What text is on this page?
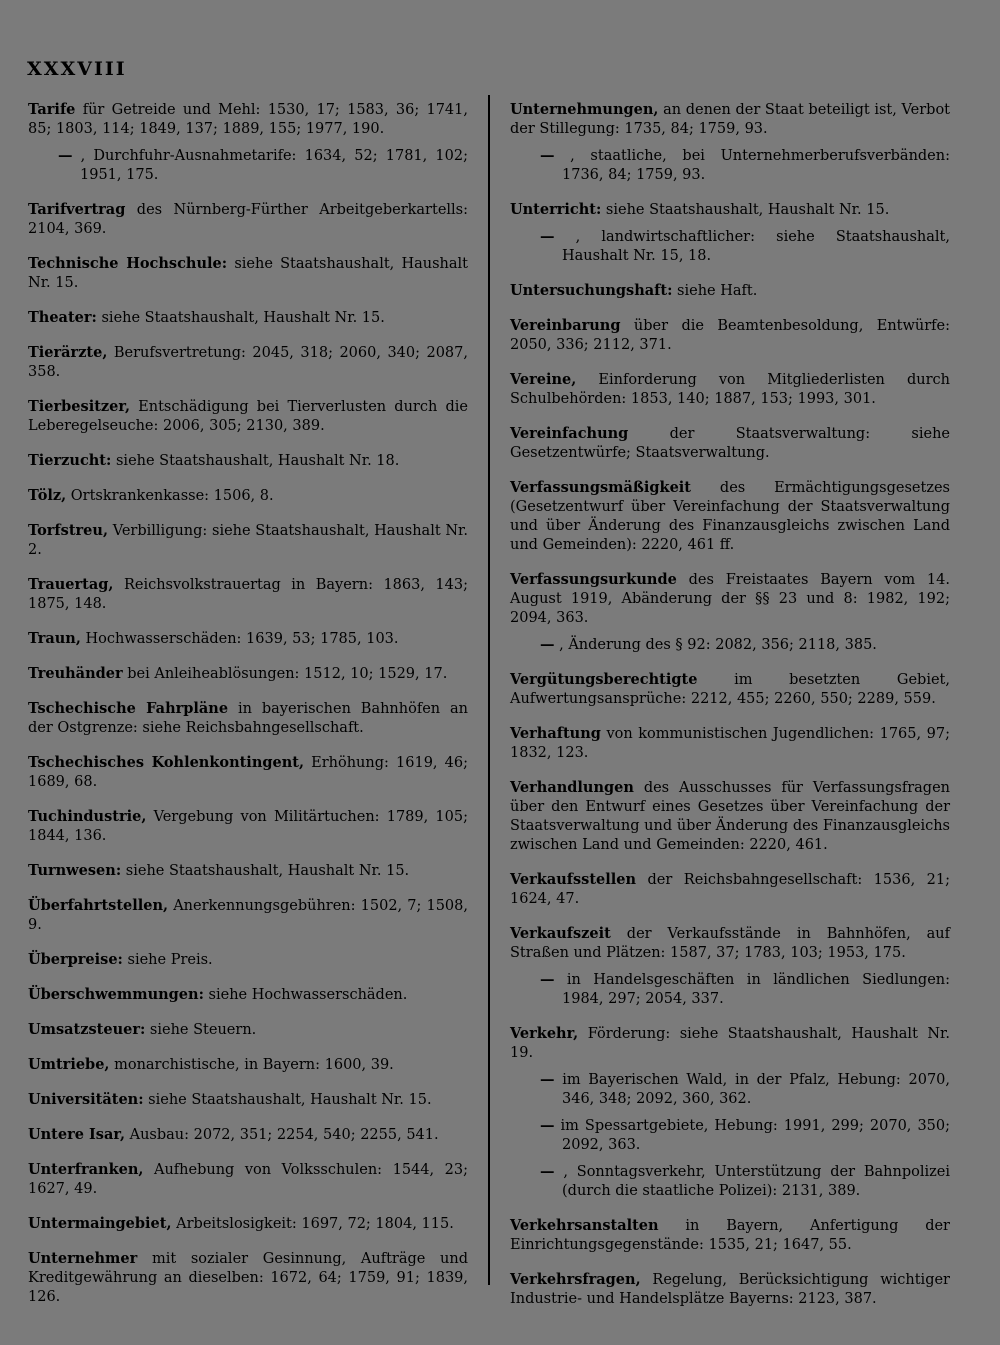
XXXVIII
Tarife für Getreide und Mehl: 1530, 17; 1583, 36; 1741, 85; 1803, 114; 1849, 137; 1889, 155; 1977, 190.
— , Durchfuhr-Ausnahmetarife: 1634, 52; 1781, 102; 1951, 175.
Tarifvertrag des Nürnberg-Fürther Arbeitgeberkartells: 2104, 369.
Technische Hochschule: siehe Staatshaushalt, Haushalt Nr. 15.
Theater: siehe Staatshaushalt, Haushalt Nr. 15.
Tierärzte, Berufsvertretung: 2045, 318; 2060, 340; 2087, 358.
Tierbesitzer, Entschädigung bei Tierverlusten durch die Leberegelseuche: 2006, 305; 2130, 389.
Tierzucht: siehe Staatshaushalt, Haushalt Nr. 18.
Tölz, Ortskrankenkasse: 1506, 8.
Torfstreu, Verbilligung: siehe Staatshaushalt, Haushalt Nr. 2.
Trauertag, Reichsvolkstrauertag in Bayern: 1863, 143; 1875, 148.
Traun, Hochwasserschäden: 1639, 53; 1785, 103.
Treuhänder bei Anleiheablösungen: 1512, 10; 1529, 17.
Tschechische Fahrpläne in bayerischen Bahnhöfen an der Ostgrenze: siehe Reichsbahngesellschaft.
Tschechisches Kohlenkontingent, Erhöhung: 1619, 46; 1689, 68.
Tuchindustrie, Vergebung von Militärtuchen: 1789, 105; 1844, 136.
Turnwesen: siehe Staatshaushalt, Haushalt Nr. 15.
Überfahrtstellen, Anerkennungsgebühren: 1502, 7; 1508, 9.
Überpreise: siehe Preis.
Überschwemmungen: siehe Hochwasserschäden.
Umsatzsteuer: siehe Steuern.
Umtriebe, monarchistische, in Bayern: 1600, 39.
Universitäten: siehe Staatshaushalt, Haushalt Nr. 15.
Untere Isar, Ausbau: 2072, 351; 2254, 540; 2255, 541.
Unterfranken, Aufhebung von Volksschulen: 1544, 23; 1627, 49.
Untermaingebiet, Arbeitslosigkeit: 1697, 72; 1804, 115.
Unternehmer mit sozialer Gesinnung, Aufträge und Kreditgewährung an dieselben: 1672, 64; 1759, 91; 1839, 126.
Unternehmungen, an denen der Staat beteiligt ist, Verbot der Stillegung: 1735, 84; 1759, 93.
— , staatliche, bei Unternehmerberufsverbänden: 1736, 84; 1759, 93.
Unterricht: siehe Staatshaushalt, Haushalt Nr. 15.
— , landwirtschaftlicher: siehe Staatshaushalt, Haushalt Nr. 15, 18.
Untersuchungshaft: siehe Haft.
Vereinbarung über die Beamtenbesoldung, Entwürfe: 2050, 336; 2112, 371.
Vereine, Einforderung von Mitgliederlisten durch Schulbehörden: 1853, 140; 1887, 153; 1993, 301.
Vereinfachung der Staatsverwaltung: siehe Gesetzentwürfe; Staatsverwaltung.
Verfassungsmäßigkeit des Ermächtigungsgesetzes (Gesetzentwurf über Vereinfachung der Staatsverwaltung und über Änderung des Finanzausgleichs zwischen Land und Gemeinden): 2220, 461 ff.
Verfassungsurkunde des Freistaates Bayern vom 14. August 1919, Abänderung der §§ 23 und 8: 1982, 192; 2094, 363.
— , Änderung des § 92: 2082, 356; 2118, 385.
Vergütungsberechtigte im besetzten Gebiet, Aufwertungsansprüche: 2212, 455; 2260, 550; 2289, 559.
Verhaftung von kommunistischen Jugendlichen: 1765, 97; 1832, 123.
Verhandlungen des Ausschusses für Verfassungsfragen über den Entwurf eines Gesetzes über Vereinfachung der Staatsverwaltung und über Änderung des Finanzausgleichs zwischen Land und Gemeinden: 2220, 461.
Verkaufsstellen der Reichsbahngesellschaft: 1536, 21; 1624, 47.
Verkaufszeit der Verkaufsstände in Bahnhöfen, auf Straßen und Plätzen: 1587, 37; 1783, 103; 1953, 175.
— in Handelsgeschäften in ländlichen Siedlungen: 1984, 297; 2054, 337.
Verkehr, Förderung: siehe Staatshaushalt, Haushalt Nr. 19.
— im Bayerischen Wald, in der Pfalz, Hebung: 2070, 346, 348; 2092, 360, 362.
— im Spessartgebiete, Hebung: 1991, 299; 2070, 350; 2092, 363.
— , Sonntagsverkehr, Unterstützung der Bahnpolizei (durch die staatliche Polizei): 2131, 389.
Verkehrsanstalten in Bayern, Anfertigung der Einrichtungsgegenstände: 1535, 21; 1647, 55.
Verkehrsfragen, Regelung, Berücksichtigung wichtiger Industrie- und Handelsplätze Bayerns: 2123, 387.
